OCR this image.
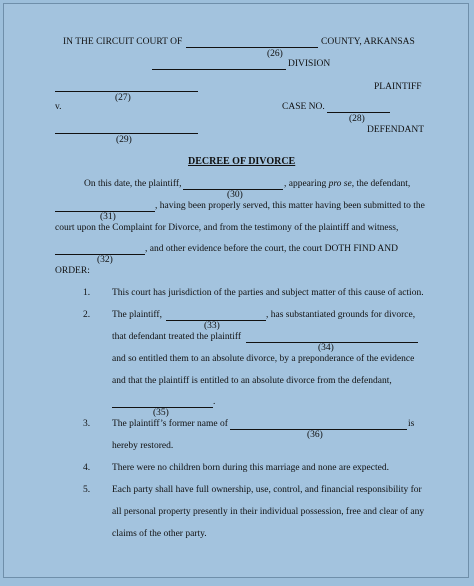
IN THE CIRCUIT COURT OF	COUNTY, ARKANSAS
(26)
DIVISION
PLAINTIFF
(27)
v.	CASE NO.
(28)
DEFENDANT
(29)
DECREE OF DIVORCE
On this date, the plaintiff,	, appearing pro se, the defendant,
(30)
, having been properly served, this matter having been submitted to the
(31)
court upon the Complaint for Divorce, and from the testimony of the plaintiff and witness,
, and other evidence before the court, the court DOTH FIND AND
(32)
ORDER:
1. This court has jurisdiction of the parties and subject matter of this cause of action.
2. The plaintiff,	, has substantiated grounds for divorce,
(33)
that defendant treated the plaintiff
(34)
and so entitled them to an absolute divorce, by a preponderance of the evidence
and that the plaintiff is entitled to an absolute divorce from the defendant,
.
(35)
3. The plaintiff’s former name of	is
(36)
hereby restored.
4. There were no children born during this marriage and none are expected.
5. Each party shall have full ownership, use, control, and financial responsibility for
all personal property presently in their individual possession, free and clear of any
claims of the other party.
